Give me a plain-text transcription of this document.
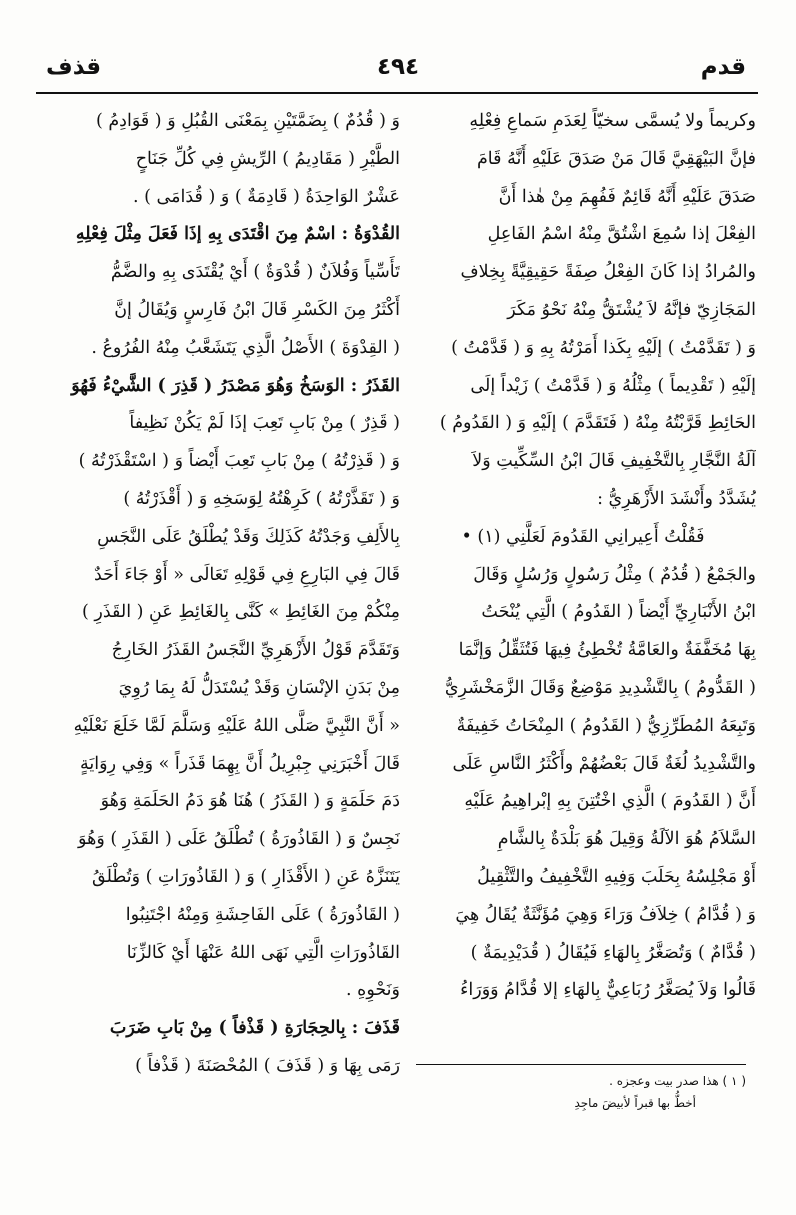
قدم
٤٩٤
قذف
وكريماً ولا يُسمَّى سخيّاً لِعَدَمِ سَماعِ فِعْلِهِ
فإنَّ البَيْهَقِيَّ قَالَ مَنْ صَدَقَ عَلَيْهِ أَنَّهُ قَامَ
صَدَقَ عَلَيْهِ أَنَّهُ قَائِمٌ فَفُهِمَ مِنْ هٰذا أَنَّ
الفِعْلَ إذا سُمِعَ اشْتُقَّ مِنْهُ اسْمُ الفَاعِلِ
والمُرادُ إذا كَانَ الفِعْلُ صِفَةً حَقِيقِيَّةً بِخِلافِ
المَجَازِيّ فإنَّهُ لاَ يُشْتَقُّ مِنْهُ نَحْوُ مَكَرَ
وَ ( تَقَدَّمْتُ ) إلَيْهِ بِكَذا أَمَرْتُهُ بِهِ وَ ( قَدَّمْتُ )
إلَيْهِ ( تَقْدِيماً ) مِثْلُهُ وَ ( قَدَّمْتُ ) زَيْداً إلَى
الحَائِطِ قَرَّبْتُهُ مِنْهُ ( فَتَقَدَّمَ ) إلَيْهِ وَ ( القَدُومُ )
آلَةُ النَّجَّارِ بِالتَّخْفِيفِ قَالَ ابْنُ السِّكِّيتِ وَلاَ
يُشَدَّدُ وأَنْشَدَ الأَزْهَرِيُّ :
فَقُلْتُ أَعِيرانِي القَدُومَ لَعَلَّنِي (١) •
والجَمْعُ ( قُدُمٌ ) مِثْلُ رَسُولٍ وَرُسُلٍ وَقَالَ
ابْنُ الأَنْبَارِيِّ أَيْضاً ( القَدُومُ ) الَّتِي يُنْحَتُ
بِهَا مُخَفَّفَةٌ والعَامَّةُ تُخْطِئُ فِيهَا فَتُثَقِّلُ وَإنَّمَا
( القَدُّومُ ) بِالتَّشْدِيدِ مَوْضِعٌ وَقَالَ الزَّمَخْشَرِيُّ
وَتَبِعَهُ المُطَرِّزِيُّ ( القَدُومُ ) المِنْحَاتُ خَفِيفَةٌ
والتَّشْدِيدُ لُغَةٌ قَالَ بَعْضُهُمْ وأَكْثَرُ النَّاسِ عَلَى
أَنَّ ( القَدُومَ ) الَّذِي اخْتُتِنَ بِهِ إبْراهِيمُ عَلَيْهِ
السَّلاَمُ هُوَ الآلَةُ وَقِيلَ هُوَ بَلْدَةٌ بِالشَّامِ
أَوْ مَجْلِسُهُ بِحَلَبَ وَفِيهِ التَّخْفِيفُ والتَّثْقِيلُ
وَ ( قُدَّامُ ) خِلاَفُ وَرَاءَ وَهِيَ مُؤَنَّثَةٌ يُقَالُ هِيَ
( قُدَّامٌ ) وَتُصَغَّرُ بِالهَاءِ فَيُقَالُ ( قُدَيْدِيمَةٌ )
قَالُوا وَلاَ يُصَغَّرُ رُبَاعِيٌّ بِالهَاءِ إلا قُدَّامُ وَوَرَاءُ
وَ ( قُدُمٌ ) بِضَمَّتَيْنِ بِمَعْنَى القُبُلِ وَ ( قَوَادِمُ )
الطَّيْرِ ( مَقَادِيمُ ) الرِّيشِ فِي كُلِّ جَنَاحٍ
عَشْرٌ الوَاحِدَةُ ( قَادِمَةٌ ) وَ ( قُدَامَى ) .
القُدْوَةُ : اسْمٌ مِنَ اقْتَدَى بِهِ إذَا فَعَلَ مِثْلَ فِعْلِهِ
تَأَسِّياً وَفُلاَنٌ ( قُدْوَةٌ ) أَيْ يُقْتَدَى بِهِ والضَّمُّ
أَكْثَرُ مِنَ الكَسْرِ قَالَ ابْنُ فَارِسٍ وَيُقَالُ إنَّ
( القِدْوَةَ ) الأَصْلُ الَّذِي يَتَشَعَّبُ مِنْهُ الفُرُوعُ .
القَذَرُ : الوَسَخُ وَهُوَ مَصْدَرُ ( قَذِرَ ) الشَّيْءُ فَهُوَ
( قَذِرٌ ) مِنْ بَابِ تَعِبَ إذَا لَمْ يَكُنْ نَظِيفاً
وَ ( قَذِرْتُهُ ) مِنْ بَابِ تَعِبَ أَيْضاً وَ ( اسْتَقْذَرْتُهُ )
وَ ( تَقَذَّرْتُهُ ) كَرِهْتُهُ لِوَسَخِهِ وَ ( أَقْذَرْتُهُ )
بِالأَلِفِ وَجَدْتُهُ كَذَلِكَ وَقَدْ يُطْلَقُ عَلَى النَّجَسِ
قَالَ فِي البَارِعِ فِي قَوْلِهِ تَعَالَى « أَوْ جَاءَ أَحَدٌ
مِنْكُمْ مِنَ الغَائِطِ » كَنَّى بِالغَائِطِ عَنِ ( القَذَرِ )
وَتَقَدَّمَ قَوْلُ الأَزْهَرِيِّ النَّجَسُ القَذَرُ الخَارِجُ
مِنْ بَدَنِ الإنْسَانِ وَقَدْ يُسْتَدَلُّ لَهُ بِمَا رُوِيَ
« أَنَّ النَّبِيَّ صَلَّى اللهُ عَلَيْهِ وَسَلَّمَ لَمَّا خَلَعَ نَعْلَيْهِ
قَالَ أَخْبَرَنِي جِبْرِيلُ أَنَّ بِهِمَا قَذَراً » وَفِي رِوَايَةٍ
دَمَ حَلَمَةٍ وَ ( القَذَرُ ) هُنَا هُوَ دَمُ الحَلَمَةِ وَهُوَ
نَجِسٌ وَ ( القَاذُورَةُ ) تُطْلَقُ عَلَى ( القَذَرِ ) وَهُوَ
يَتَنَزَّهُ عَنِ ( الأَقْذَارِ ) وَ ( القَاذُورَاتِ ) وَتُطْلَقُ
( القَاذُورَةُ ) عَلَى الفَاحِشَةِ وَمِنْهُ اجْتَنِبُوا
القَاذُورَاتِ الَّتِي نَهَى اللهُ عَنْهَا أَيْ كَالزِّنَا
وَنَحْوِهِ .
قَذَفَ : بِالحِجَارَةِ ( قَذْفاً ) مِنْ بَابِ ضَرَبَ
رَمَى بِهَا وَ ( قَذَفَ ) المُحْصَنَةَ ( قَذْفاً )
( ١ ) هذا صدر بيت وعجزه .
أخطُّ بها قبراً لأبيضَ ماجِدِ
